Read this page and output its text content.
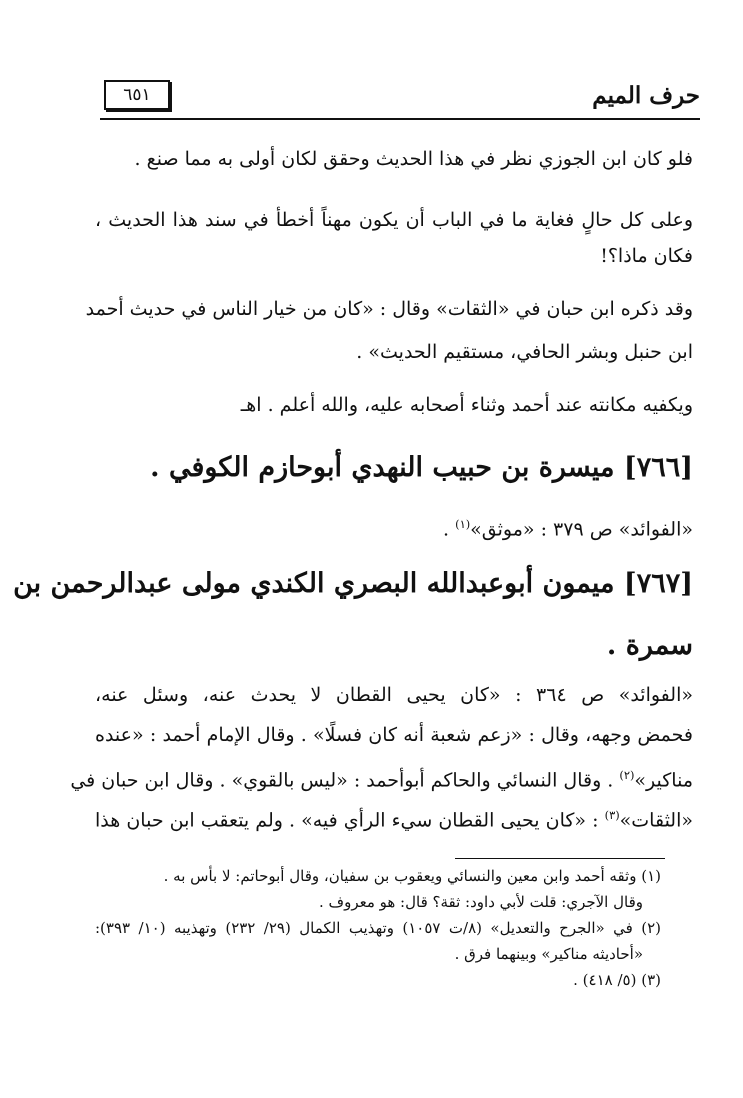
حرف الميم
٦٥١
فلو كان ابن الجوزي نظر في هذا الحديث وحقق لكان أولى به مما صنع .
وعلى كل حالٍ فغاية ما في الباب أن يكون مهناً أخطأ في سند هذا الحديث ،
فكان ماذا؟!
وقد ذكره ابن حبان في «الثقات» وقال : «كان من خيار الناس في حديث أحمد
ابن حنبل وبشر الحافي، مستقيم الحديث» .
ويكفيه مكانته عند أحمد وثناء أصحابه عليه، والله أعلم . اهـ
[٧٦٦] ميسرة بن حبيب النهدي أبوحازم الكوفي .
«الفوائد» ص ٣٧٩ : «موثق»$^{(١)}$ .
[٧٦٧] ميمون أبوعبدالله البصري الكندي مولى عبدالرحمن بن
سمرة .
«الفوائد» ص ٣٦٤ : «كان يحيى القطان لا يحدث عنه، وسئل عنه،
فحمض وجهه، وقال : «زعم شعبة أنه كان فسلًا» . وقال الإمام أحمد : «عنده
مناكير»$^{(٢)}$ . وقال النسائي والحاكم أبوأحمد : «ليس بالقوي» . وقال ابن حبان في
«الثقات»$^{(٣)}$ : «كان يحيى القطان سيء الرأي فيه» . ولم يتعقب ابن حبان هذا
(١) وثقه أحمد وابن معين والنسائي ويعقوب بن سفيان، وقال أبوحاتم: لا بأس به .
وقال الآجري: قلت لأبي داود: ثقة؟ قال: هو معروف .
(٢) في «الجرح والتعديل» (٨/ت ١٠٥٧) وتهذيب الكمال (٢٩/ ٢٣٢) وتهذيبه (١٠/ ٣٩٣):
«أحاديثه مناكير» وبينهما فرق .
(٣) (٥/ ٤١٨) .
